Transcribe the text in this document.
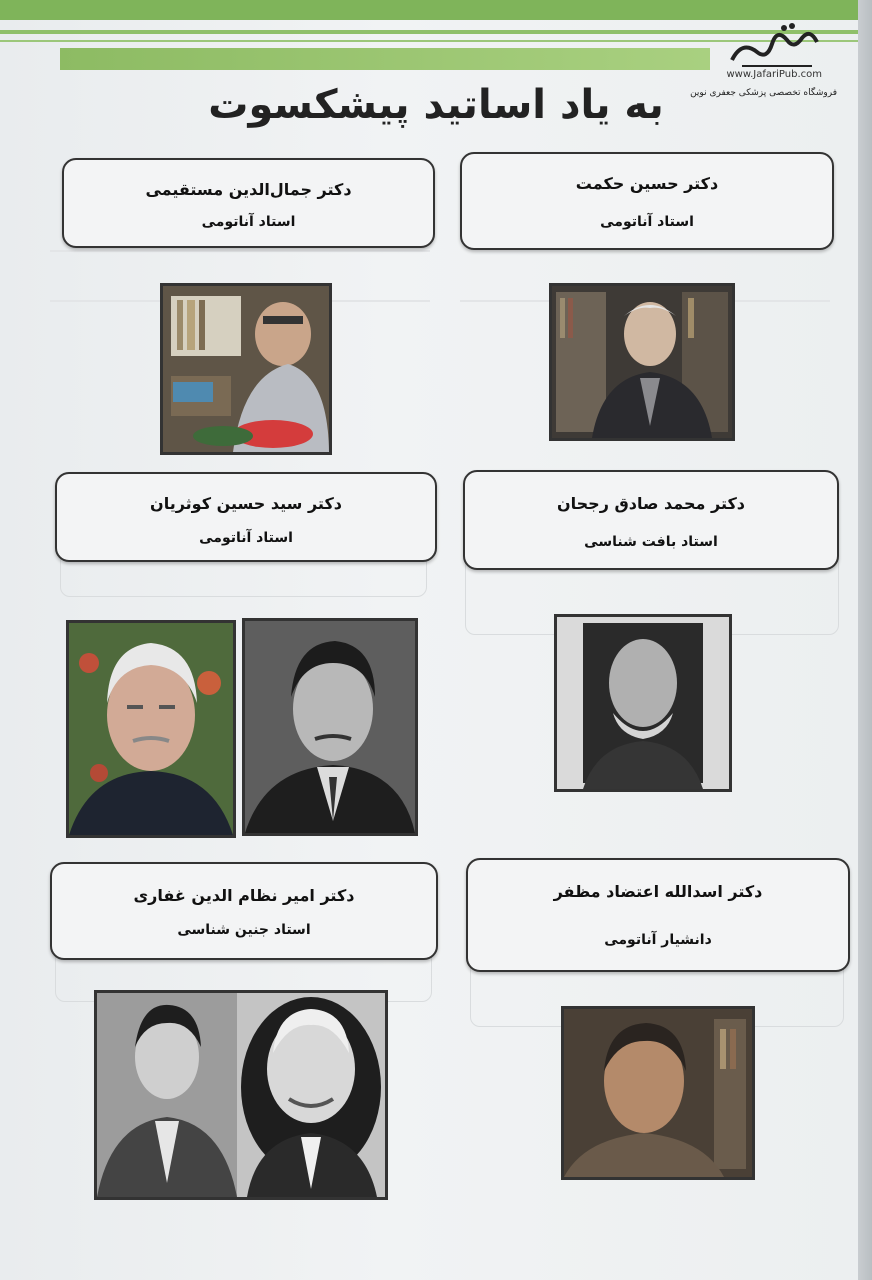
www.JafariPub.com
فروشگاه تخصصی پزشکی جعفری نوین
به یاد اساتید پیشکسوت
دکتر حسین حکمت
استاد آناتومی
دکتر جمال‌الدین مستقیمی
استاد آناتومی
دکتر محمد صادق رجحان
استاد بافت شناسی
دکتر سید حسین کوثریان
استاد آناتومی
دکتر اسدالله اعتضاد مظفر
دانشیار آناتومی
دکتر امیر نظام الدین غفاری
استاد جنین شناسی
